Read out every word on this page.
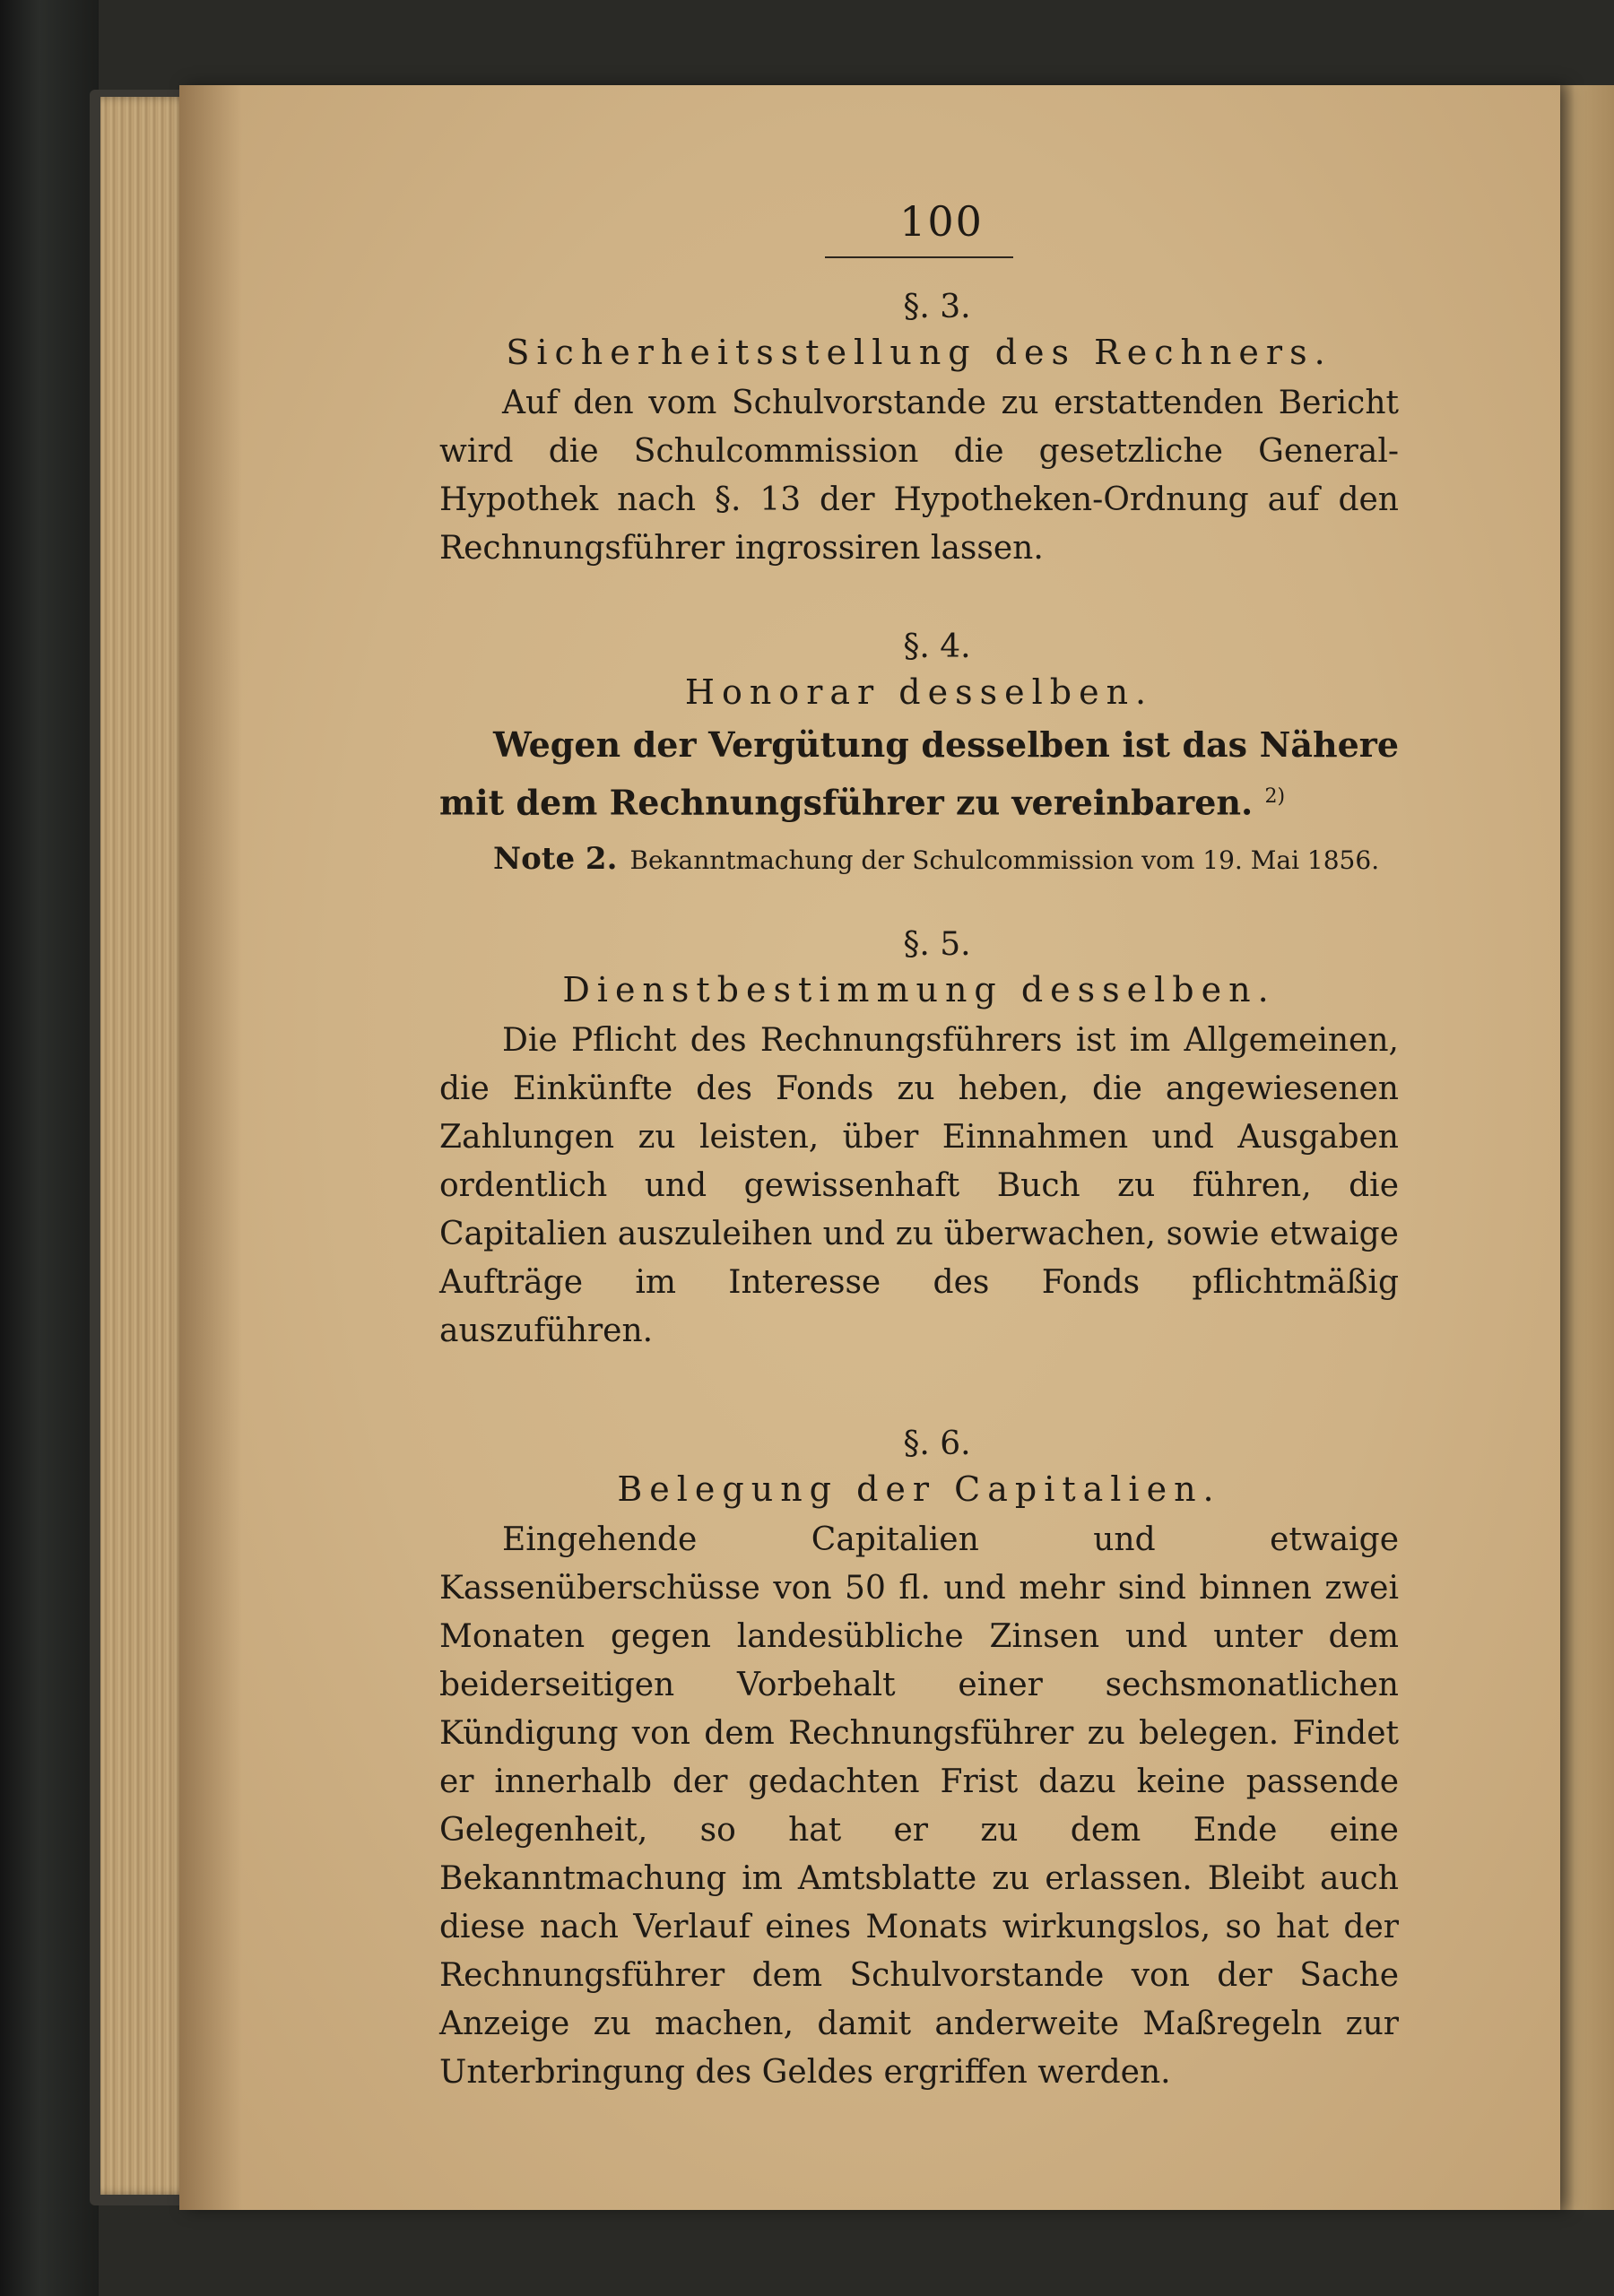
100
§. 3.
Sicherheitsstellung des Rechners.

Auf den vom Schulvorstande zu erstattenden Bericht wird die Schulcommission die gesetzliche General-Hypothek nach §. 13 der Hypotheken-Ordnung auf den Rechnungsführer ingrossiren lassen.

§. 4.
Honorar desselben.

Wegen der Vergütung desselben ist das Nähere mit dem Rechnungsführer zu vereinbaren. $^{2)}$

Note 2. Bekanntmachung der Schulcommission vom 19. Mai 1856.

§. 5.
Dienstbestimmung desselben.

Die Pflicht des Rechnungsführers ist im Allgemeinen, die Einkünfte des Fonds zu heben, die angewiesenen Zahlungen zu leisten, über Einnahmen und Ausgaben ordentlich und gewissenhaft Buch zu führen, die Capitalien auszuleihen und zu überwachen, sowie etwaige Aufträge im Interesse des Fonds pflichtmäßig auszuführen.

§. 6.
Belegung der Capitalien.

Eingehende Capitalien und etwaige Kassenüberschüsse von 50 fl. und mehr sind binnen zwei Monaten gegen landesübliche Zinsen und unter dem beiderseitigen Vorbehalt einer sechsmonatlichen Kündigung von dem Rechnungsführer zu belegen. Findet er innerhalb der gedachten Frist dazu keine passende Gelegenheit, so hat er zu dem Ende eine Bekanntmachung im Amtsblatte zu erlassen. Bleibt auch diese nach Verlauf eines Monats wirkungslos, so hat der Rechnungsführer dem Schulvorstande von der Sache Anzeige zu machen, damit anderweite Maßregeln zur Unterbringung des Geldes ergriffen werden.
